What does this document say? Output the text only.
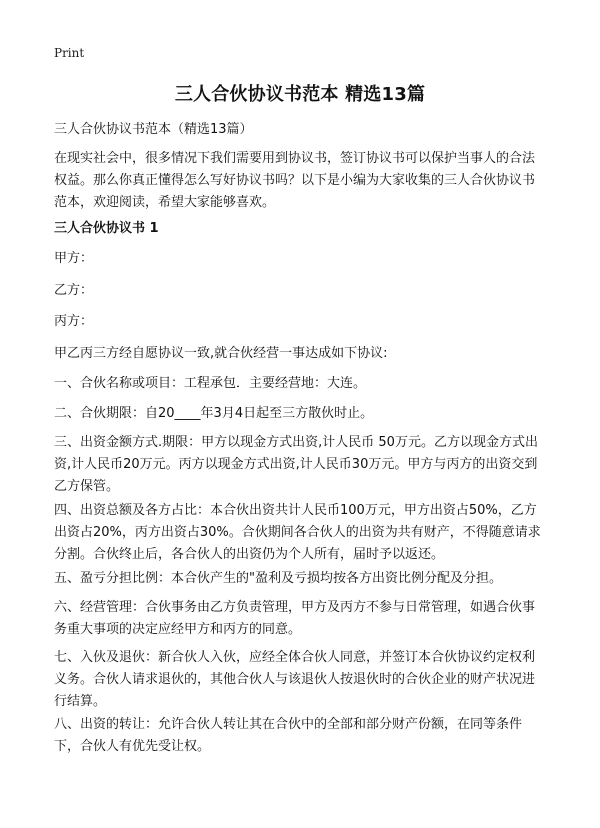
Print
三人合伙协议书范本 精选13篇
三人合伙协议书范本（精选13篇）
在现实社会中，很多情况下我们需要用到协议书，签订协议书可以保护当事人的合法权益。那么你真正懂得怎么写好协议书吗？以下是小编为大家收集的三人合伙协议书范本，欢迎阅读，希望大家能够喜欢。
三人合伙协议书 1
甲方：
乙方：
丙方：
甲乙丙三方经自愿协议一致,就合伙经营一事达成如下协议:
一、合伙名称或项目：工程承包．主要经营地：大连。
二、合伙期限：自20____年3月4日起至三方散伙时止。
三、出资金额方式.期限：甲方以现金方式出资,计人民币 50万元。乙方以现金方式出资,计人民币20万元。丙方以现金方式出资,计人民币30万元。甲方与丙方的出资交到乙方保管。
四、出资总额及各方占比：本合伙出资共计人民币100万元，甲方出资占50%，乙方出资占20%，丙方出资占30%。合伙期间各合伙人的出资为共有财产，不得随意请求分割。合伙终止后，各合伙人的出资仍为个人所有，届时予以返还。
五、盈亏分担比例：本合伙产生的"盈利及亏损均按各方出资比例分配及分担。
六、经营管理：合伙事务由乙方负责管理，甲方及丙方不参与日常管理，如遇合伙事务重大事项的决定应经甲方和丙方的同意。
七、入伙及退伙：新合伙人入伙，应经全体合伙人同意，并签订本合伙协议约定权利义务。合伙人请求退伙的，其他合伙人与该退伙人按退伙时的合伙企业的财产状况进行结算。
八、出资的转让：允许合伙人转让其在合伙中的全部和部分财产份额，在同等条件下，合伙人有优先受让权。
